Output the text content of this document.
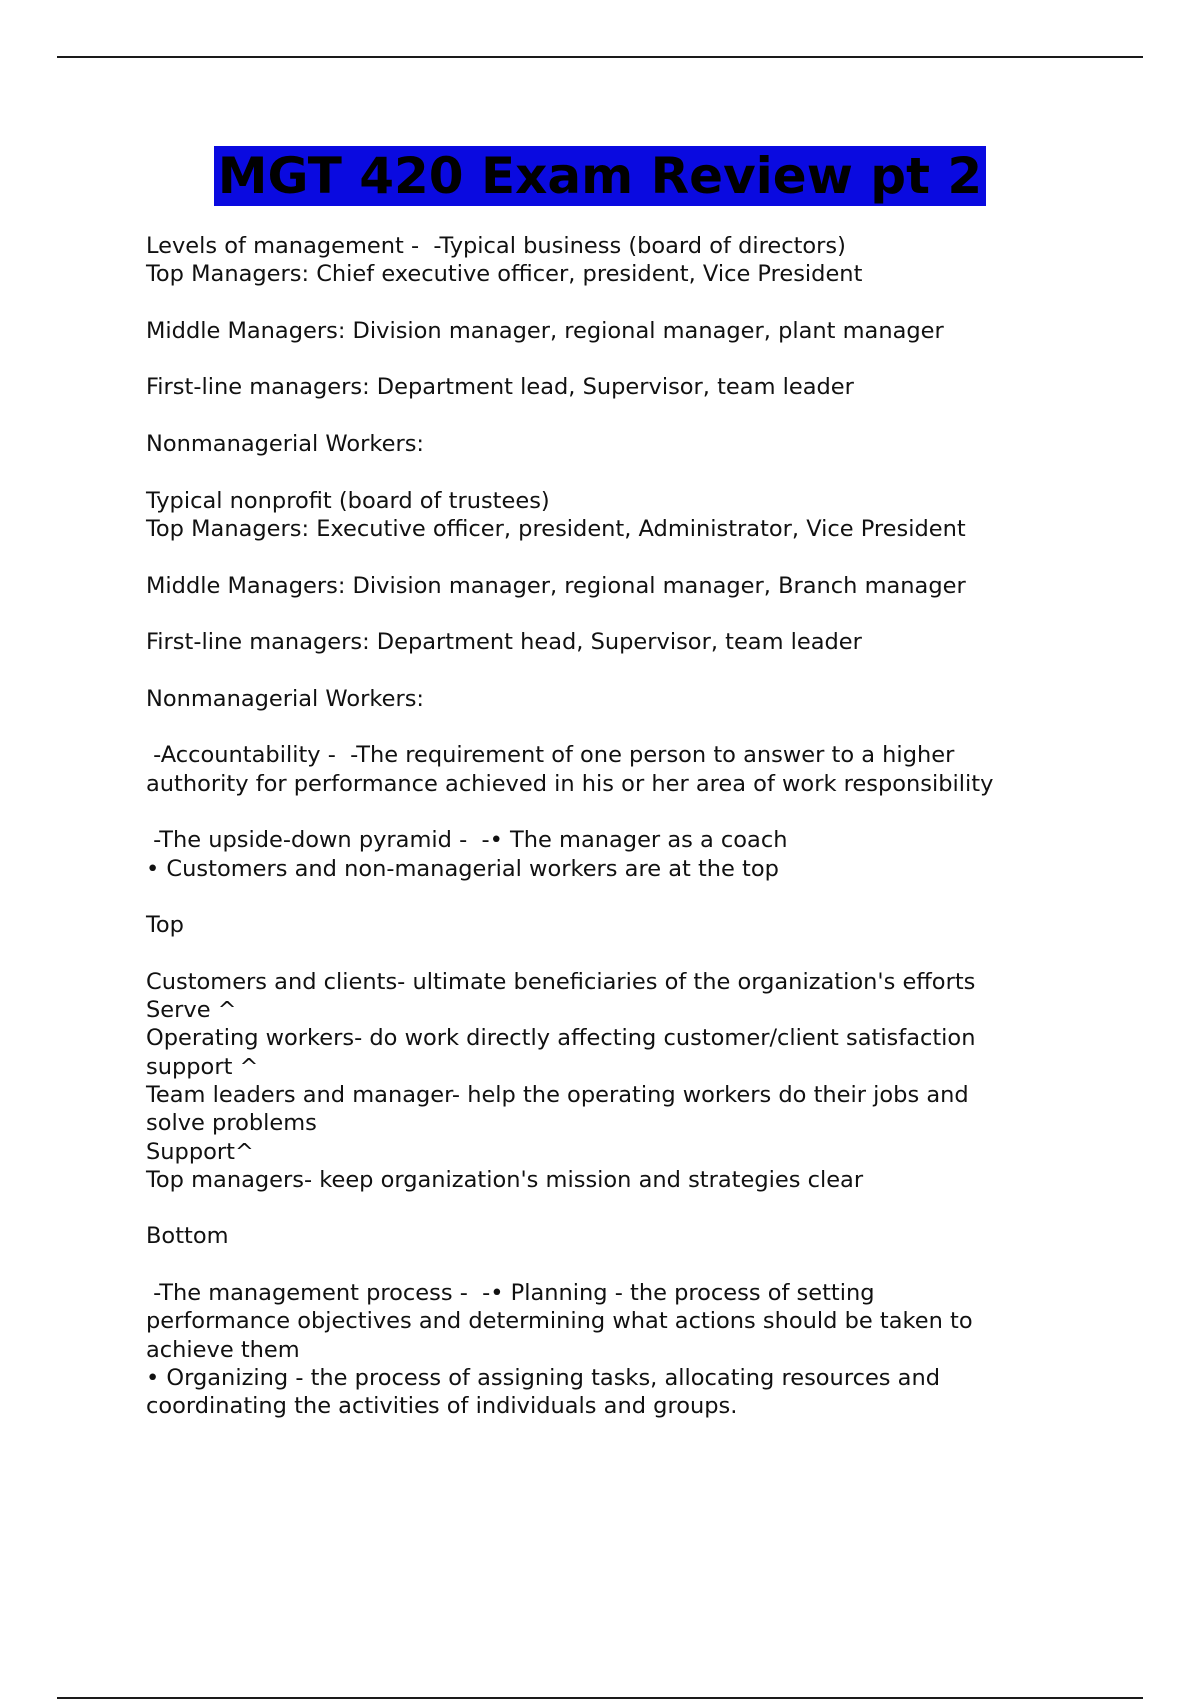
MGT 420 Exam Review pt 2
Levels of management -  -Typical business (board of directors)
Top Managers: Chief executive officer, president, Vice President
Middle Managers: Division manager, regional manager, plant manager
First-line managers: Department lead, Supervisor, team leader
Nonmanagerial Workers:
Typical nonprofit (board of trustees)
Top Managers: Executive officer, president, Administrator, Vice President
Middle Managers: Division manager, regional manager, Branch manager
First-line managers: Department head, Supervisor, team leader
Nonmanagerial Workers:
-Accountability -  -The requirement of one person to answer to a higher
authority for performance achieved in his or her area of work responsibility
-The upside-down pyramid -  -• The manager as a coach
• Customers and non-managerial workers are at the top
Top
Customers and clients- ultimate beneficiaries of the organization's efforts
Serve ^
Operating workers- do work directly affecting customer/client satisfaction
support ^
Team leaders and manager- help the operating workers do their jobs and
solve problems
Support^
Top managers- keep organization's mission and strategies clear
Bottom
-The management process -  -• Planning - the process of setting
performance objectives and determining what actions should be taken to
achieve them
• Organizing - the process of assigning tasks, allocating resources and
coordinating the activities of individuals and groups.
